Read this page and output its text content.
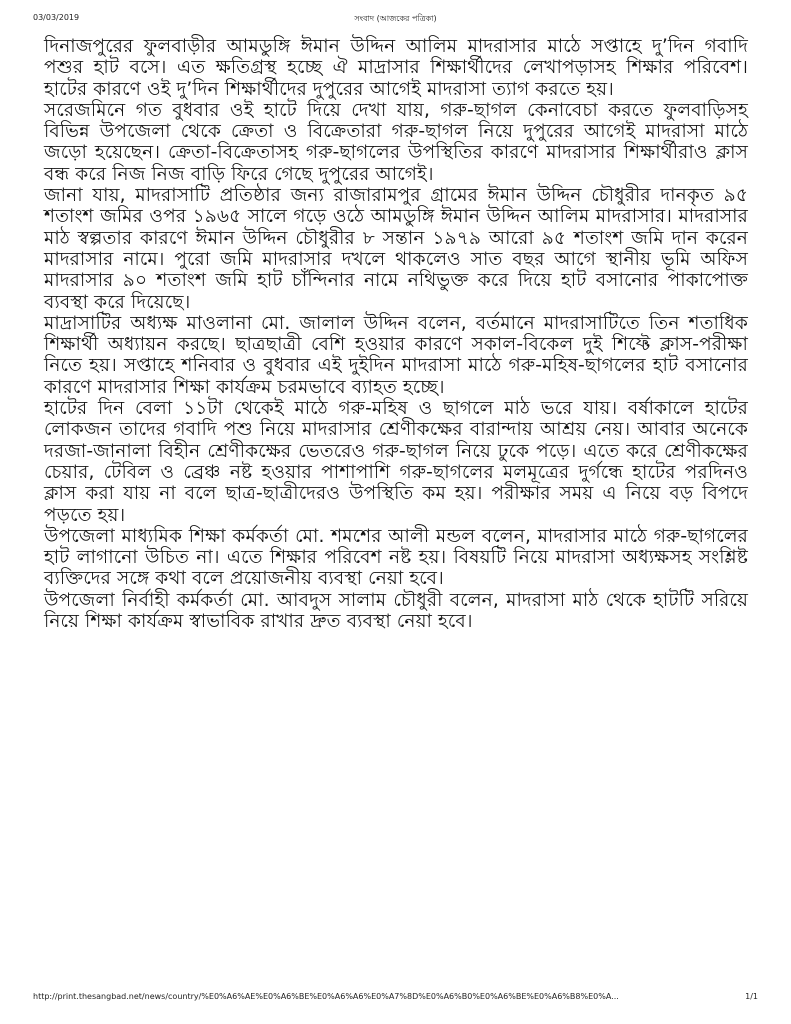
03/03/2019	সংবাদ (আজকের পত্রিকা)

দিনাজপুরের ফুলবাড়ীর আমডুঙ্গি ঈমান উদ্দিন আলিম মাদরাসার মাঠে সপ্তাহে দু’দিন গবাদি পশুর হাট বসে। এত ক্ষতিগ্রস্থ হচ্ছে ঐ মাদ্রাসার শিক্ষার্থীদের লেখাপড়াসহ শিক্ষার পরিবেশ। হাটের কারণে ওই দু’দিন শিক্ষার্থীদের দুপুরের আগেই মাদরাসা ত্যাগ করতে হয়।

সরেজমিনে গত বুধবার ওই হাটে দিয়ে দেখা যায়, গরু-ছাগল কেনাবেচা করতে ফুলবাড়িসহ বিভিন্ন উপজেলা থেকে ক্রেতা ও বিক্রেতারা গরু-ছাগল নিয়ে দুপুরের আগেই মাদরাসা মাঠে জড়ো হয়েছেন। ক্রেতা-বিক্রেতাসহ গরু-ছাগলের উপস্থিতির কারণে মাদরাসার শিক্ষার্থীরাও ক্লাস বন্ধ করে নিজ নিজ বাড়ি ফিরে গেছে দুপুরের আগেই।

জানা যায়, মাদরাসাটি প্রতিষ্ঠার জন্য রাজারামপুর গ্রামের ঈমান উদ্দিন চৌধুরীর দানকৃত ৯৫ শতাংশ জমির ওপর ১৯৬৫ সালে গড়ে ওঠে আমডুঙ্গি ঈমান উদ্দিন আলিম মাদরাসার। মাদরাসার মাঠ স্বল্পতার কারণে ঈমান উদ্দিন চৌধুরীর ৮ সন্তান ১৯৭৯ আরো ৯৫ শতাংশ জমি দান করেন মাদরাসার নামে। পুরো জমি মাদরাসার দখলে থাকলেও সাত বছর আগে স্থানীয় ভূমি অফিস মাদরাসার ৯০ শতাংশ জমি হাট চাঁন্দিনার নামে নথিভুক্ত করে দিয়ে হাট বসানোর পাকাপোক্ত ব্যবস্থা করে দিয়েছে।

মাদ্রাসাটির অধ্যক্ষ মাওলানা মো. জালাল উদ্দিন বলেন, বর্তমানে মাদরাসাটিতে তিন শতাধিক শিক্ষার্থী অধ্যায়ন করছে। ছাত্রছাত্রী বেশি হওয়ার কারণে সকাল-বিকেল দুই শিফ্টে ক্লাস-পরীক্ষা নিতে হয়। সপ্তাহে শনিবার ও বুধবার এই দুইদিন মাদরাসা মাঠে গরু-মহিষ-ছাগলের হাট বসানোর কারণে মাদরাসার শিক্ষা কার্যক্রম চরমভাবে ব্যাহত হচ্ছে।

হাটের দিন বেলা ১১টা থেকেই মাঠে গরু-মহিষ ও ছাগলে মাঠ ভরে যায়। বর্ষাকালে হাটের লোকজন তাদের গবাদি পশু নিয়ে মাদরাসার শ্রেণীকক্ষের বারান্দায় আশ্রয় নেয়। আবার অনেকে দরজা-জানালা বিহীন শ্রেণীকক্ষের ভেতরেও গরু-ছাগল নিয়ে ঢুকে পড়ে। এতে করে শ্রেণীকক্ষের চেয়ার, টেবিল ও ব্রেঞ্চ নষ্ট হওয়ার পাশাপাশি গরু-ছাগলের মলমূত্রের দুর্গন্ধে হাটের পরদিনও ক্লাস করা যায় না বলে ছাত্র-ছাত্রীদেরও উপস্থিতি কম হয়। পরীক্ষার সময় এ নিয়ে বড় বিপদে পড়তে হয়।

উপজেলা মাধ্যমিক শিক্ষা কর্মকর্তা মো. শমশের আলী মন্ডল বলেন, মাদরাসার মাঠে গরু-ছাগলের হাট লাগানো উচিত না। এতে শিক্ষার পরিবেশ নষ্ট হয়। বিষয়টি নিয়ে মাদরাসা অধ্যক্ষসহ সংশ্লিষ্ট ব্যক্তিদের সঙ্গে কথা বলে প্রয়োজনীয় ব্যবস্থা নেয়া হবে।

উপজেলা নির্বাহী কর্মকর্তা মো. আবদুস সালাম চৌধুরী বলেন, মাদরাসা মাঠ থেকে হাটটি সরিয়ে নিয়ে শিক্ষা কার্যক্রম স্বাভাবিক রাখার দ্রুত ব্যবস্থা নেয়া হবে।

http://print.thesangbad.net/news/country/%E0%A6%AE%E0%A6%BE%E0%A6%A6%E0%A7%8D%E0%A6%B0%E0%A6%BE%E0%A6%B8%E0%A...	1/1
